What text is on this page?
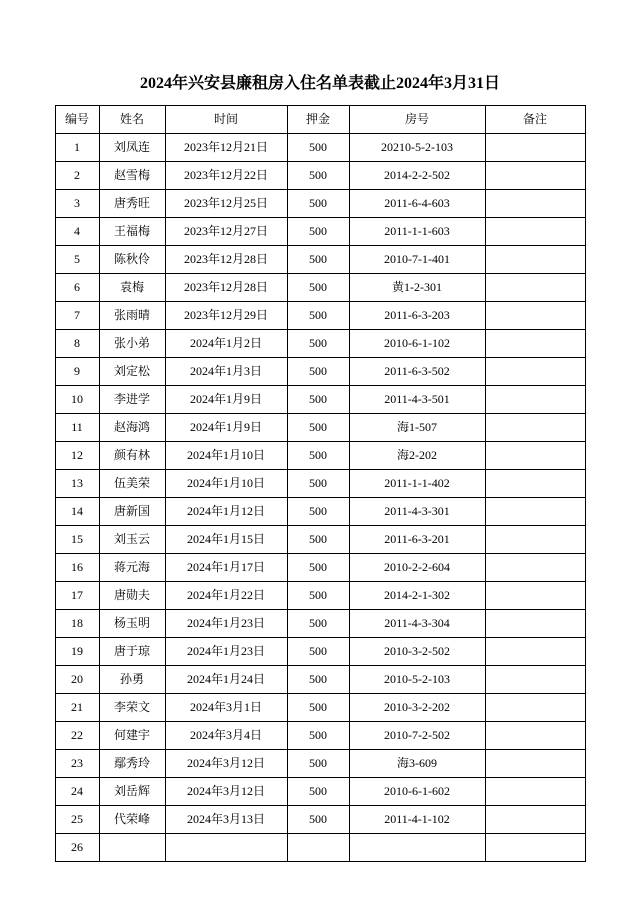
2024年兴安县廉租房入住名单表截止2024年3月31日
编号	姓名	时间	押金	房号	备注
1	刘凤连	2023年12月21日	500	20210-5-2-103	
2	赵雪梅	2023年12月22日	500	2014-2-2-502	
3	唐秀旺	2023年12月25日	500	2011-6-4-603	
4	王福梅	2023年12月27日	500	2011-1-1-603	
5	陈秋伶	2023年12月28日	500	2010-7-1-401	
6	袁梅	2023年12月28日	500	黄1-2-301	
7	张雨晴	2023年12月29日	500	2011-6-3-203	
8	张小弟	2024年1月2日	500	2010-6-1-102	
9	刘定松	2024年1月3日	500	2011-6-3-502	
10	李进学	2024年1月9日	500	2011-4-3-501	
11	赵海鸿	2024年1月9日	500	海1-507	
12	颜有林	2024年1月10日	500	海2-202	
13	伍美荣	2024年1月10日	500	2011-1-1-402	
14	唐新国	2024年1月12日	500	2011-4-3-301	
15	刘玉云	2024年1月15日	500	2011-6-3-201	
16	蒋元海	2024年1月17日	500	2010-2-2-604	
17	唐勋夫	2024年1月22日	500	2014-2-1-302	
18	杨玉明	2024年1月23日	500	2011-4-3-304	
19	唐于琼	2024年1月23日	500	2010-3-2-502	
20	孙勇	2024年1月24日	500	2010-5-2-103	
21	李荣文	2024年3月1日	500	2010-3-2-202	
22	何建宇	2024年3月4日	500	2010-7-2-502	
23	鄢秀玲	2024年3月12日	500	海3-609	
24	刘岳辉	2024年3月12日	500	2010-6-1-602	
25	代荣峰	2024年3月13日	500	2011-4-1-102	
26					
